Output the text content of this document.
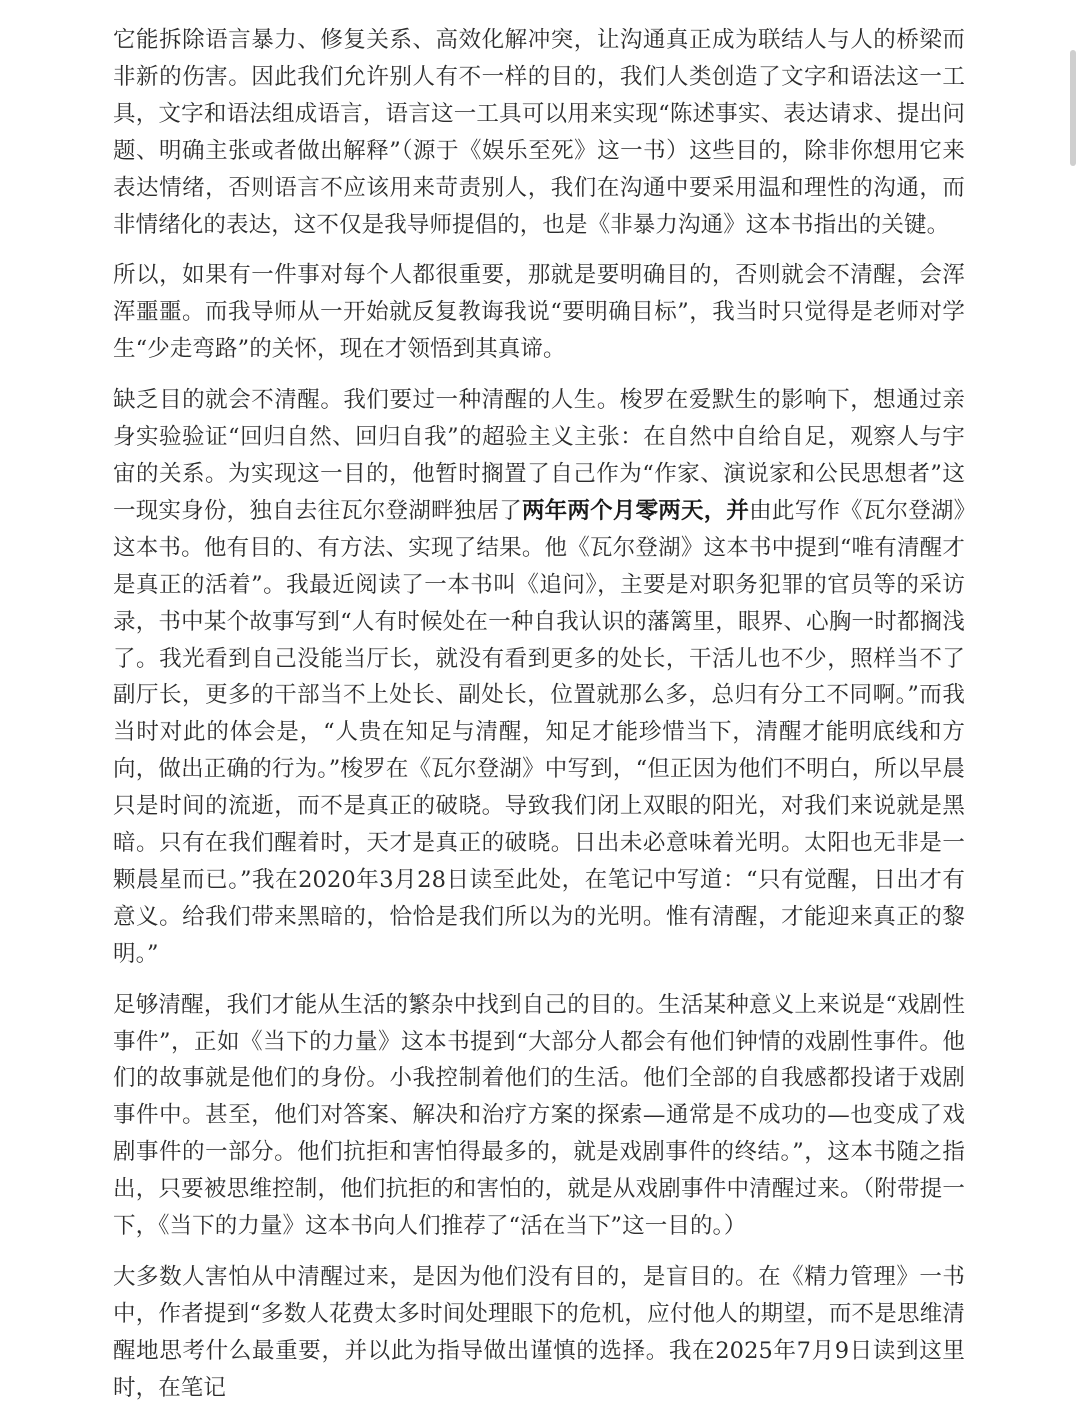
它能拆除语言暴力、修复关系、高效化解冲突，让沟通真正成为联结人与人的桥梁而非新的伤害。因此我们允许别人有不一样的目的，我们人类创造了文字和语法这一工具，文字和语法组成语言，语言这一工具可以用来实现“陈述事实、表达请求、提出问题、明确主张或者做出解释”（源于《娱乐至死》这一书）这些目的，除非你想用它来表达情绪，否则语言不应该用来苛责别人，我们在沟通中要采用温和理性的沟通，而非情绪化的表达，这不仅是我导师提倡的，也是《非暴力沟通》这本书指出的关键。

所以，如果有一件事对每个人都很重要，那就是要明确目的，否则就会不清醒，会浑浑噩噩。而我导师从一开始就反复教诲我说“要明确目标”，我当时只觉得是老师对学生“少走弯路”的关怀，现在才领悟到其真谛。

缺乏目的就会不清醒。我们要过一种清醒的人生。梭罗在爱默生的影响下，想通过亲身实验验证“回归自然、回归自我”的超验主义主张：在自然中自给自足，观察人与宇宙的关系。为实现这一目的，他暂时搁置了自己作为“作家、演说家和公民思想者”这一现实身份，独自去往瓦尔登湖畔独居了两年两个月零两天，并由此写作《瓦尔登湖》这本书。他有目的、有方法、实现了结果。他《瓦尔登湖》这本书中提到“唯有清醒才是真正的活着”。我最近阅读了一本书叫《追问》，主要是对职务犯罪的官员等的采访录，书中某个故事写到“人有时候处在一种自我认识的藩篱里，眼界、心胸一时都搁浅了。我光看到自己没能当厅长，就没有看到更多的处长，干活儿也不少，照样当不了副厅长，更多的干部当不上处长、副处长，位置就那么多，总归有分工不同啊。”而我当时对此的体会是，“人贵在知足与清醒，知足才能珍惜当下，清醒才能明底线和方向，做出正确的行为。”梭罗在《瓦尔登湖》中写到，“但正因为他们不明白，所以早晨只是时间的流逝，而不是真正的破晓。导致我们闭上双眼的阳光，对我们来说就是黑暗。只有在我们醒着时，天才是真正的破晓。日出未必意味着光明。太阳也无非是一颗晨星而已。”我在2020年3月28日读至此处，在笔记中写道：“只有觉醒，日出才有意义。给我们带来黑暗的，恰恰是我们所以为的光明。惟有清醒，才能迎来真正的黎明。”

足够清醒，我们才能从生活的繁杂中找到自己的目的。生活某种意义上来说是“戏剧性事件”，正如《当下的力量》这本书提到“大部分人都会有他们钟情的戏剧性事件。他们的故事就是他们的身份。小我控制着他们的生活。他们全部的自我感都投诸于戏剧事件中。甚至，他们对答案、解决和治疗方案的探索—通常是不成功的—也变成了戏剧事件的一部分。他们抗拒和害怕得最多的，就是戏剧事件的终结。”，这本书随之指出，只要被思维控制，他们抗拒的和害怕的，就是从戏剧事件中清醒过来。（附带提一下，《当下的力量》这本书向人们推荐了“活在当下”这一目的。）

大多数人害怕从中清醒过来，是因为他们没有目的，是盲目的。在《精力管理》一书中，作者提到“多数人花费太多时间处理眼下的危机，应付他人的期望，而不是思维清醒地思考什么最重要，并以此为指导做出谨慎的选择。我在2025年7月9日读到这里时，在笔记
